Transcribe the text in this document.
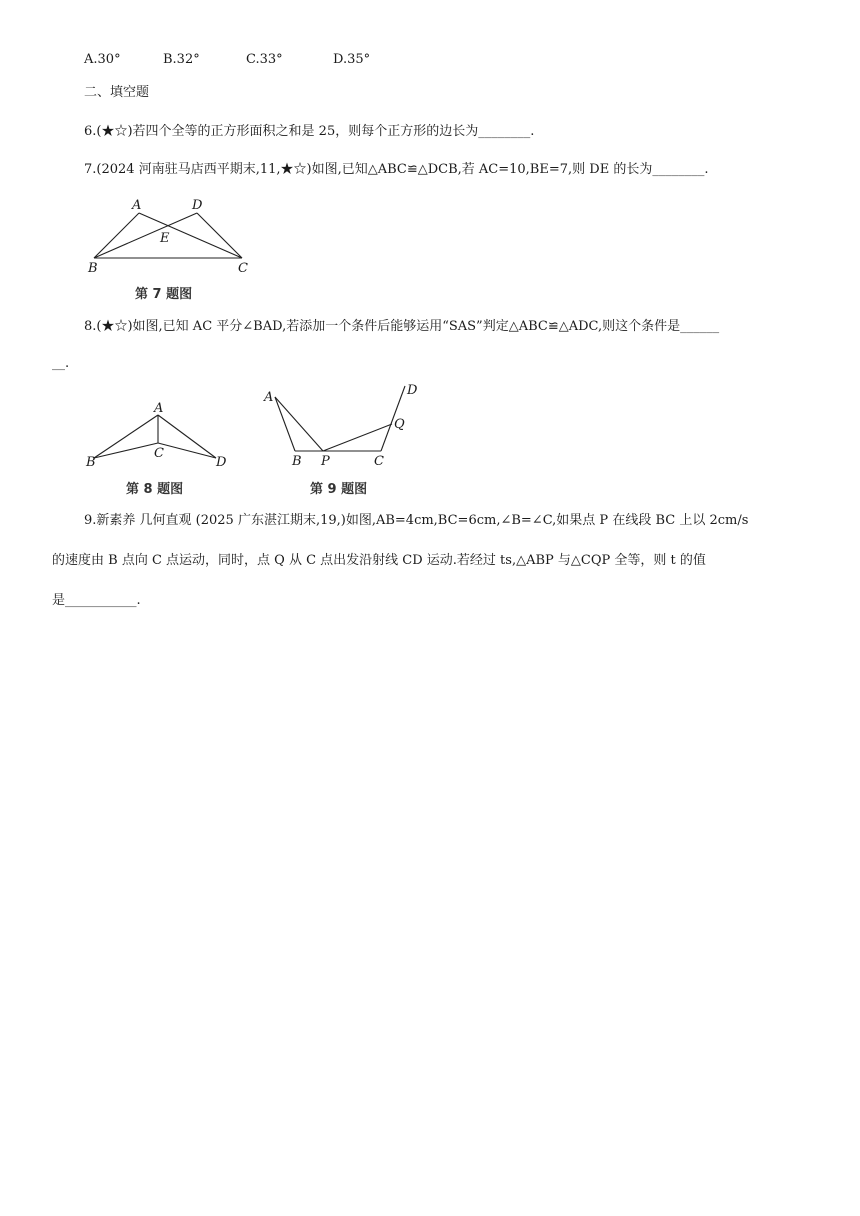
A.30°	B.32°	C.33°	D.35°
二、填空题
6.(★☆)若四个全等的正方形面积之和是 25，则每个正方形的边长为________.
7.(2024 河南驻马店西平期末,11,★☆)如图,已知△ABC≌△DCB,若 AC=10,BE=7,则 DE 的长为________.
A	D
E
B	C
第 7 题图
8.(★☆)如图,已知 AC 平分∠BAD,若添加一个条件后能够运用“SAS”判定△ABC≌△ADC,则这个条件是______
__.
A
C
B	D
第 8 题图
A
B P	C
Q
D
第 9 题图
9.新素养 几何直观 (2025 广东湛江期末,19,)如图,AB=4cm,BC=6cm,∠B=∠C,如果点 P 在线段 BC 上以 2cm/s
的速度由 B 点向 C 点运动，同时，点 Q 从 C 点出发沿射线 CD 运动.若经过 ts,△ABP 与△CQP 全等，则 t 的值
是___________.
